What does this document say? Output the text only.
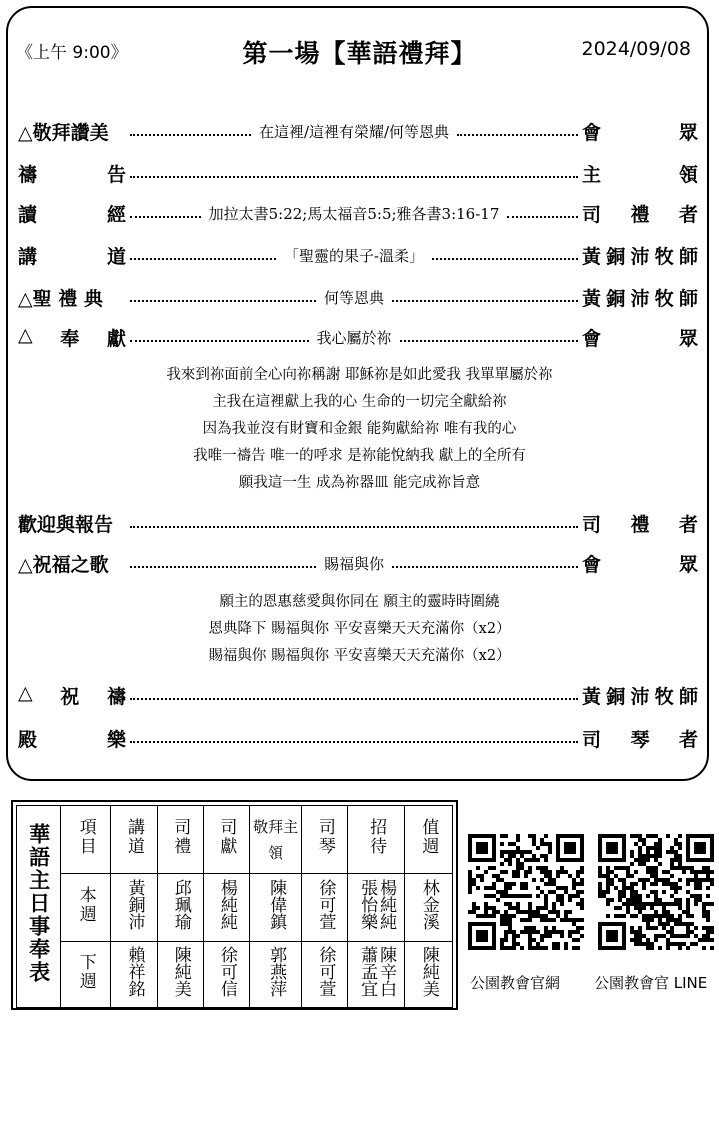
《上午 9:00》	第一場【華語禮拜】	2024/09/08
△敬拜讚美	在這裡/這裡有榮耀/何等恩典	會	眾
禱	告	主	領
讀	經	加拉太書5:22;馬太福音5:5;雅各書3:16-17	司 禮 者
講	道	「聖靈的果子-溫柔」	黃 銅 沛 牧 師
△聖 禮 典	何等恩典	黃 銅 沛 牧 師
△ 奉 獻	我心屬於祢	會	眾
歡迎與報告	司 禮 者
△祝福之歌	賜福與你	會	眾
△ 祝 禱	黃 銅 沛 牧 師
殿	樂	司 琴 者
我來到祢面前全心向祢稱謝 耶穌祢是如此愛我 我單單屬於祢
主我在這裡獻上我的心 生命的一切完全獻給祢
因為我並沒有財寶和金銀 能夠獻給祢 唯有我的心
我唯一禱告 唯一的呼求 是祢能悅納我 獻上的全所有
願我這一生 成為祢器皿 能完成祢旨意
願主的恩惠慈愛與你同在 願主的靈時時圍繞
恩典降下 賜福與你 平安喜樂天天充滿你（x2）
賜福與你 賜福與你 平安喜樂天天充滿你（x2）
華語主日事奉表	項目	講道	司禮	司獻	敬拜主領	司琴	招待	值週
	本週	黃銅沛	邱珮瑜	楊純純	陳偉鎮	徐可萱	楊純純 張怡樂	林金溪
	下週	賴祥銘	陳純美	徐可信	郭燕萍	徐可萱	陳辛白 蕭孟宜	陳純美 公園教會官網 公園教會官 LINE
